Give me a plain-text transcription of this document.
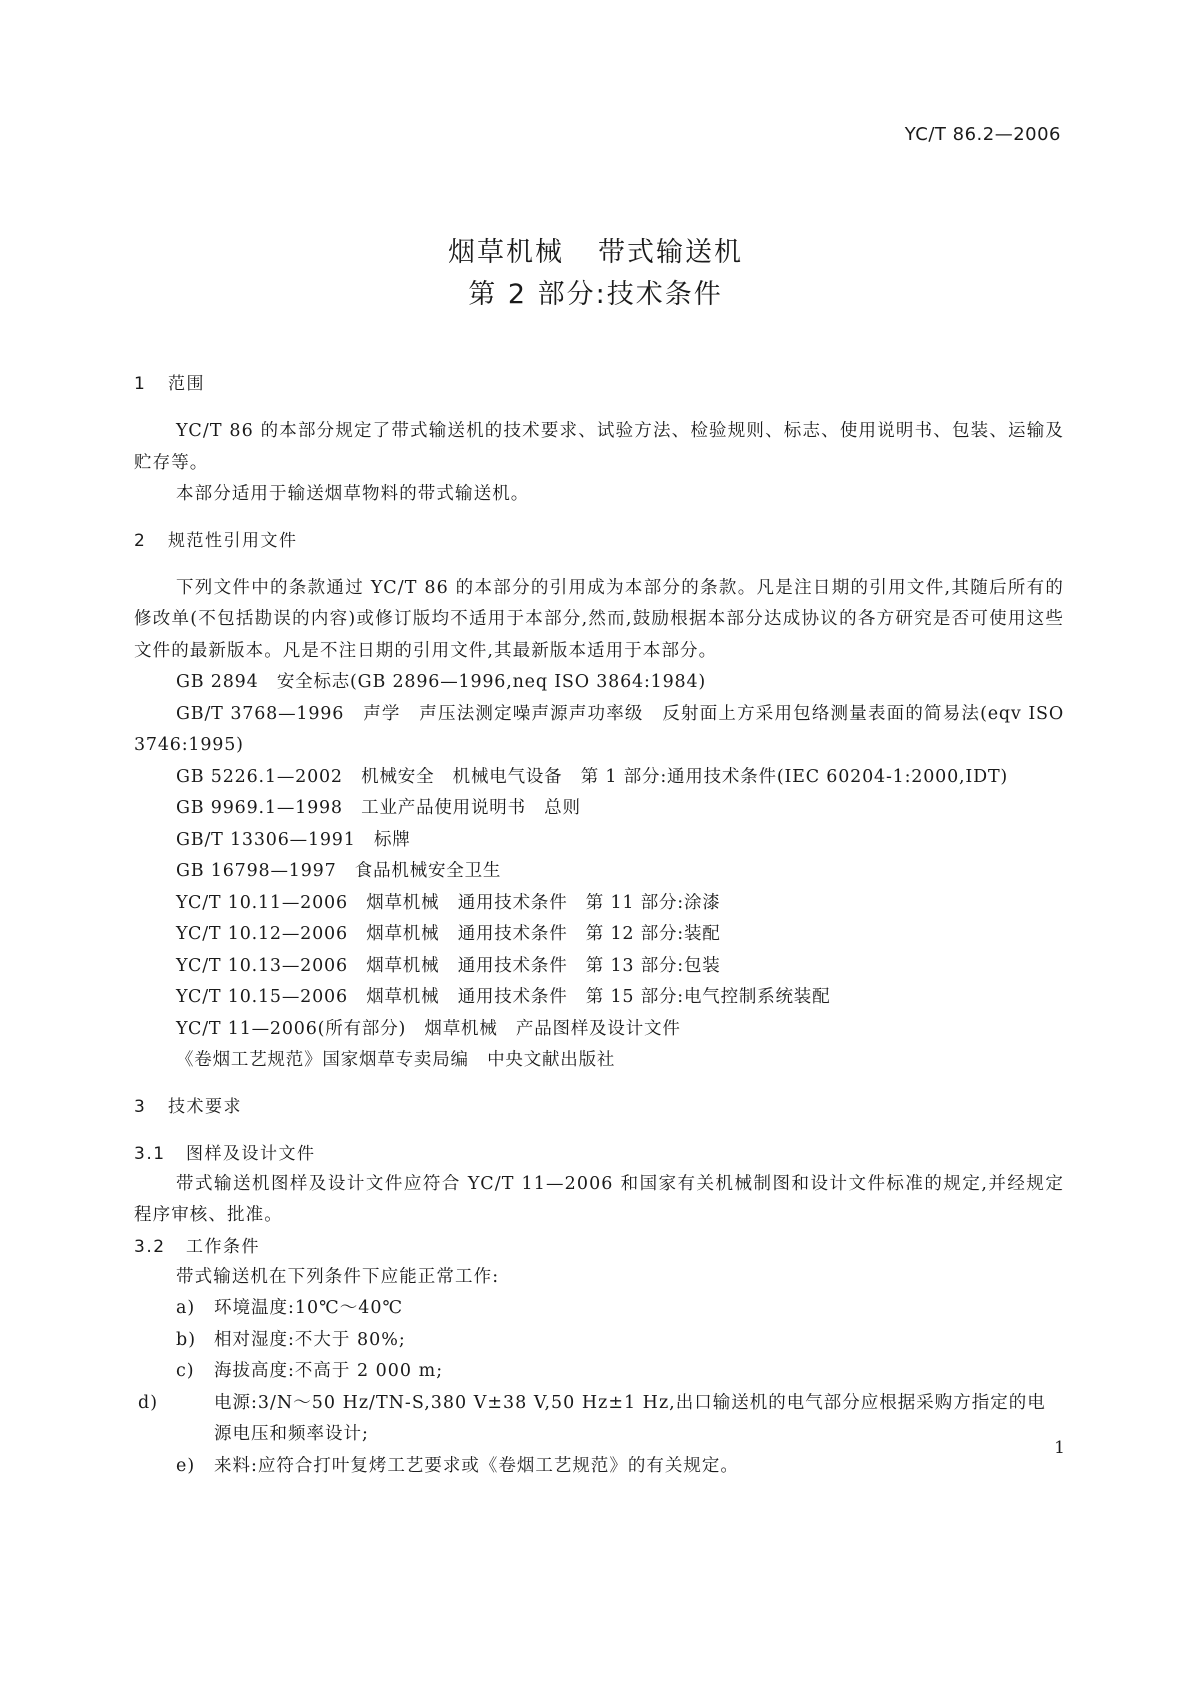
YC/T 86.2—2006
烟草机械 带式输送机
第 2 部分:技术条件
1 范围

YC/T 86 的本部分规定了带式输送机的技术要求、试验方法、检验规则、标志、使用说明书、包装、运输及贮存等。

本部分适用于输送烟草物料的带式输送机。

2 规范性引用文件

下列文件中的条款通过 YC/T 86 的本部分的引用成为本部分的条款。凡是注日期的引用文件,其随后所有的修改单(不包括勘误的内容)或修订版均不适用于本部分,然而,鼓励根据本部分达成协议的各方研究是否可使用这些文件的最新版本。凡是不注日期的引用文件,其最新版本适用于本部分。

GB 2894　安全标志(GB 2896—1996,neq ISO 3864:1984)

GB/T 3768—1996　声学　声压法测定噪声源声功率级　反射面上方采用包络测量表面的简易法(eqv ISO 3746:1995)

GB 5226.1—2002　机械安全　机械电气设备　第 1 部分:通用技术条件(IEC 60204-1:2000,IDT)

GB 9969.1—1998　工业产品使用说明书　总则
GB/T 13306—1991　标牌
GB 16798—1997　食品机械安全卫生
YC/T 10.11—2006　烟草机械　通用技术条件　第 11 部分:涂漆
YC/T 10.12—2006　烟草机械　通用技术条件　第 12 部分:装配
YC/T 10.13—2006　烟草机械　通用技术条件　第 13 部分:包装
YC/T 10.15—2006　烟草机械　通用技术条件　第 15 部分:电气控制系统装配
YC/T 11—2006(所有部分)　烟草机械　产品图样及设计文件
《卷烟工艺规范》国家烟草专卖局编　中央文献出版社
3 技术要求
3.1 图样及设计文件

带式输送机图样及设计文件应符合 YC/T 11—2006 和国家有关机械制图和设计文件标准的规定,并经规定程序审核、批准。

3.2 工作条件

带式输送机在下列条件下应能正常工作:

a) 环境温度:10℃～40℃
b) 相对湿度:不大于 80%;
c) 海拔高度:不高于 2 000 m;
d)	电源:3/N～50 Hz/TN-S,380 V±38 V,50 Hz±1 Hz,出口输送机的电气部分应根据采购方指定的电源电压和频率设计;
e) 来料:应符合打叶复烤工艺要求或《卷烟工艺规范》的有关规定。
1
